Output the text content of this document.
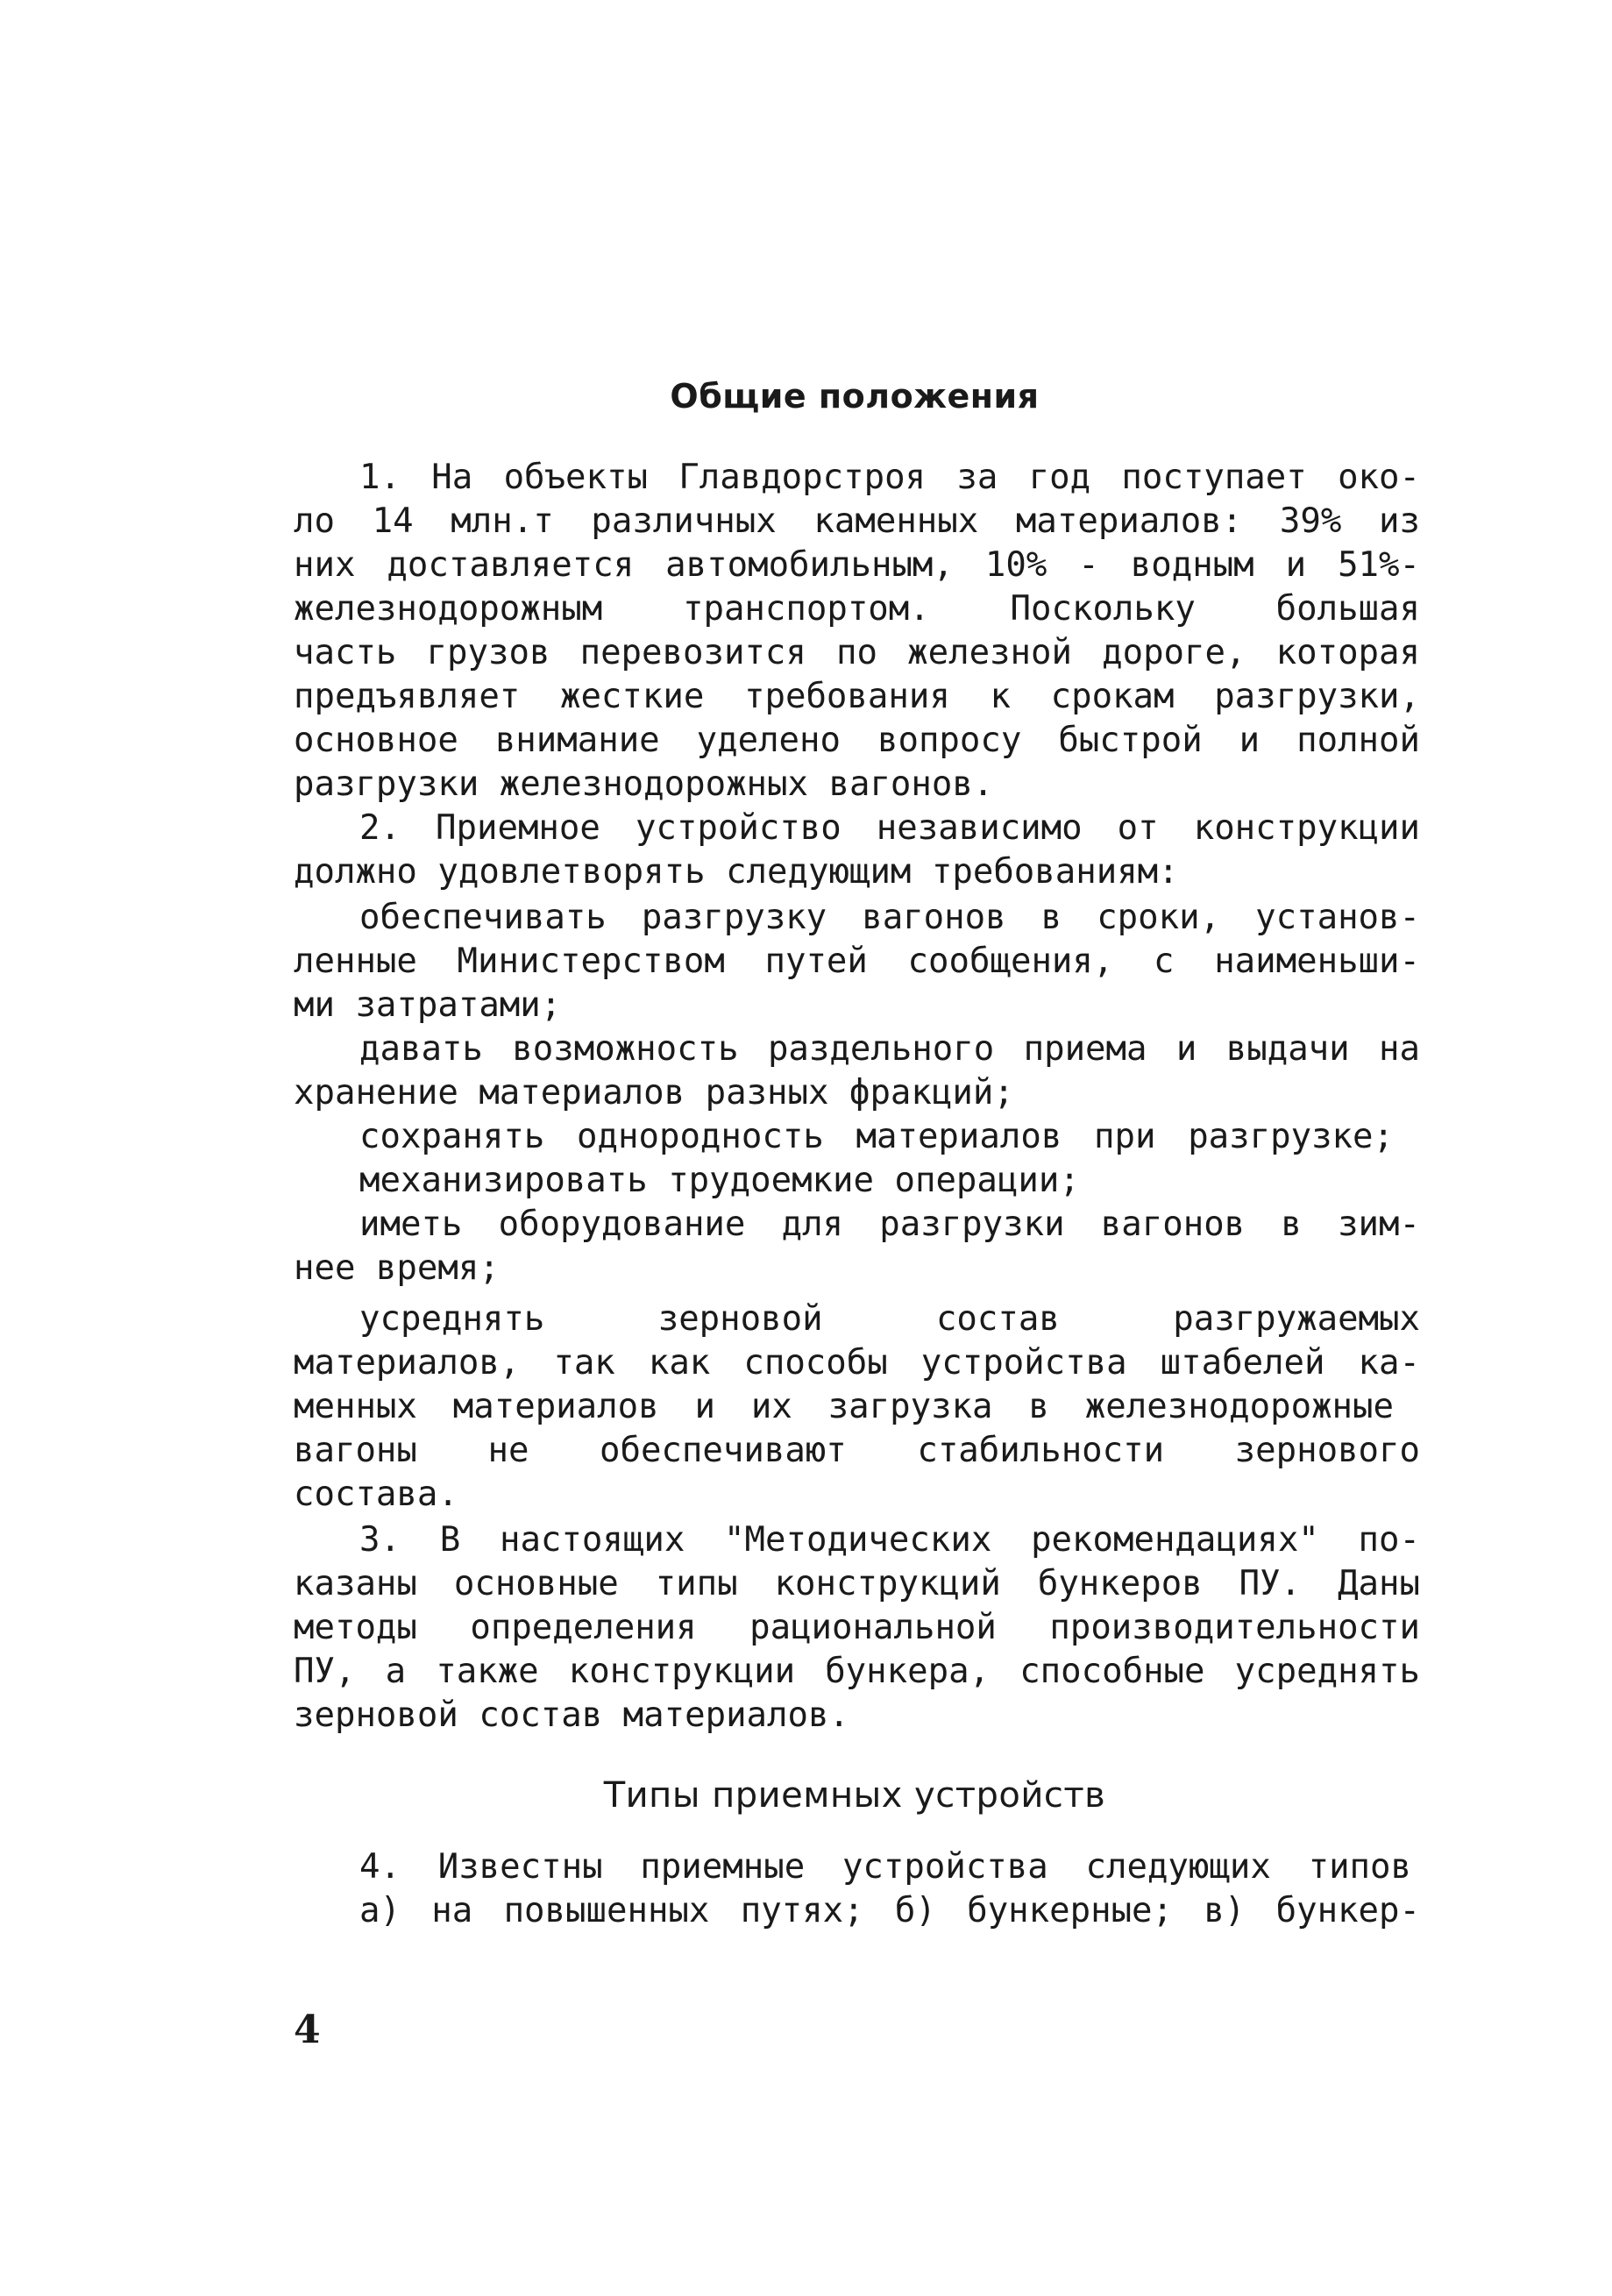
Общие положения
1. На объекты Главдорстроя за год поступает око-
ло 14 млн.т различных каменных материалов: 39% из
них доставляется автомобильным, 10% - водным и 51%-
железнодорожным транспортом. Поскольку большая
часть грузов перевозится по железной дороге, которая
предъявляет жесткие требования к срокам разгрузки,
основное внимание уделено вопросу быстрой и полной
разгрузки железнодорожных вагонов.
2. Приемное устройство независимо от конструкции
должно удовлетворять следующим требованиям:
обеспечивать разгрузку вагонов в сроки, установ-
ленные Министерством путей сообщения, с наименьши-
ми затратами;
давать возможность раздельного приема и выдачи на
хранение материалов разных фракций;
сохранять однородность материалов при разгрузке;
механизировать трудоемкие операции;
иметь оборудование для разгрузки вагонов в зим-
нее время;
усреднять зерновой состав разгружаемых
материалов, так как способы устройства штабелей ка-
менных материалов и их загрузка в железнодорожные
вагоны не обеспечивают стабильности зернового
состава.
3. В настоящих "Методических рекомендациях" по-
казаны основные типы конструкций бункеров ПУ. Даны
методы определения рациональной производительности
ПУ, а также конструкции бункера, способные усреднять
зерновой состав материалов.
4. Известны приемные устройства следующих типов
а) на повышенных путях; б) бункерные; в) бункер-
Типы приемных устройств
4
